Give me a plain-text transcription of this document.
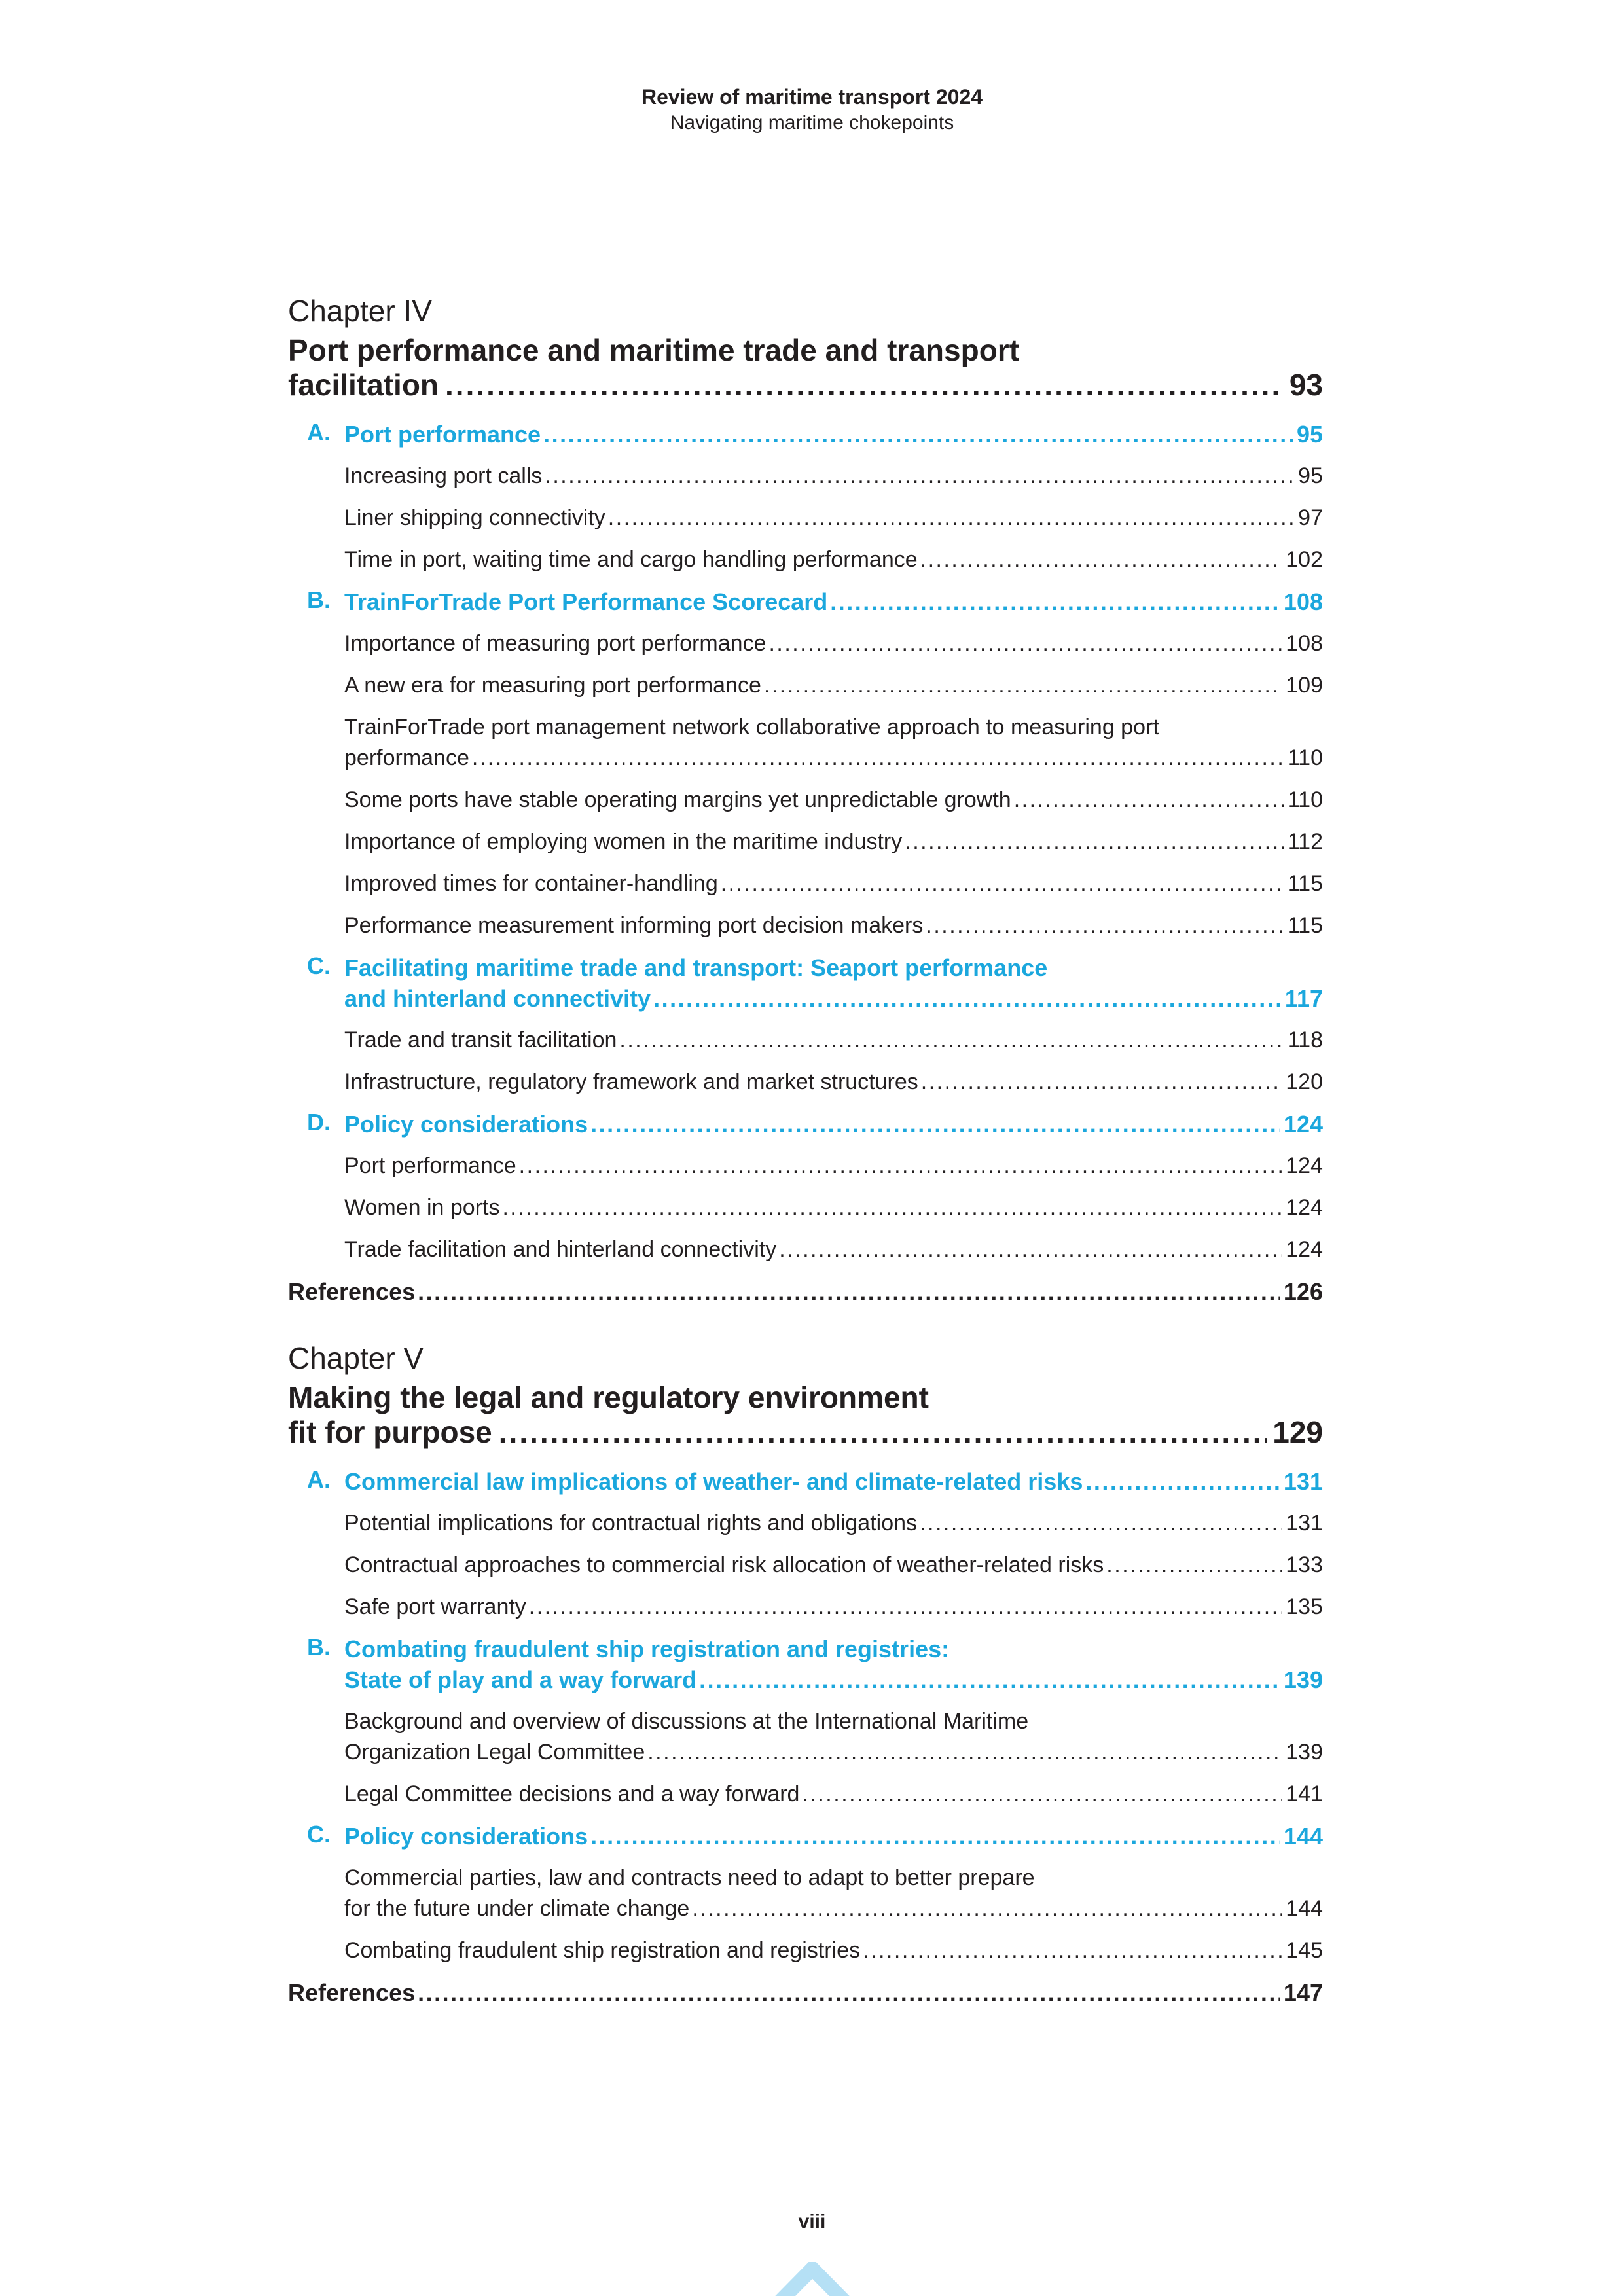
Review of maritime transport 2024
Navigating maritime chokepoints
Chapter IV
Port performance and maritime trade and transport
facilitation .....	93
A. Port performance .....	95
Increasing port calls .....	95
Liner shipping connectivity .....	97
Time in port, waiting time and cargo handling performance .....	102
B. TrainForTrade Port Performance Scorecard .....	108
Importance of measuring port performance .....	108
A new era for measuring port performance .....	109
TrainForTrade port management network collaborative approach to measuring port
performance .....	110
Some ports have stable operating margins yet unpredictable growth .....	110
Importance of employing women in the maritime industry .....	112
Improved times for container-handling .....	115
Performance measurement informing port decision makers .....	115
C. Facilitating maritime trade and transport: Seaport performance
and hinterland connectivity .....	117
Trade and transit facilitation .....	118
Infrastructure, regulatory framework and market structures .....	120
D. Policy considerations .....	124
Port performance .....	124
Women in ports .....	124
Trade facilitation and hinterland connectivity .....	124
References .....	126
Chapter V
Making the legal and regulatory environment
fit for purpose .....	129
A. Commercial law implications of weather- and climate-related risks .....	131
Potential implications for contractual rights and obligations .....	131
Contractual approaches to commercial risk allocation of weather-related risks .....	133
Safe port warranty .....	135
B. Combating fraudulent ship registration and registries:
State of play and a way forward .....	139
Background and overview of discussions at the International Maritime
Organization Legal Committee .....	139
Legal Committee decisions and a way forward .....	141
C. Policy considerations .....	144
Commercial parties, law and contracts need to adapt to better prepare
for the future under climate change .....	144
Combating fraudulent ship registration and registries .....	145
References .....	147
viii
